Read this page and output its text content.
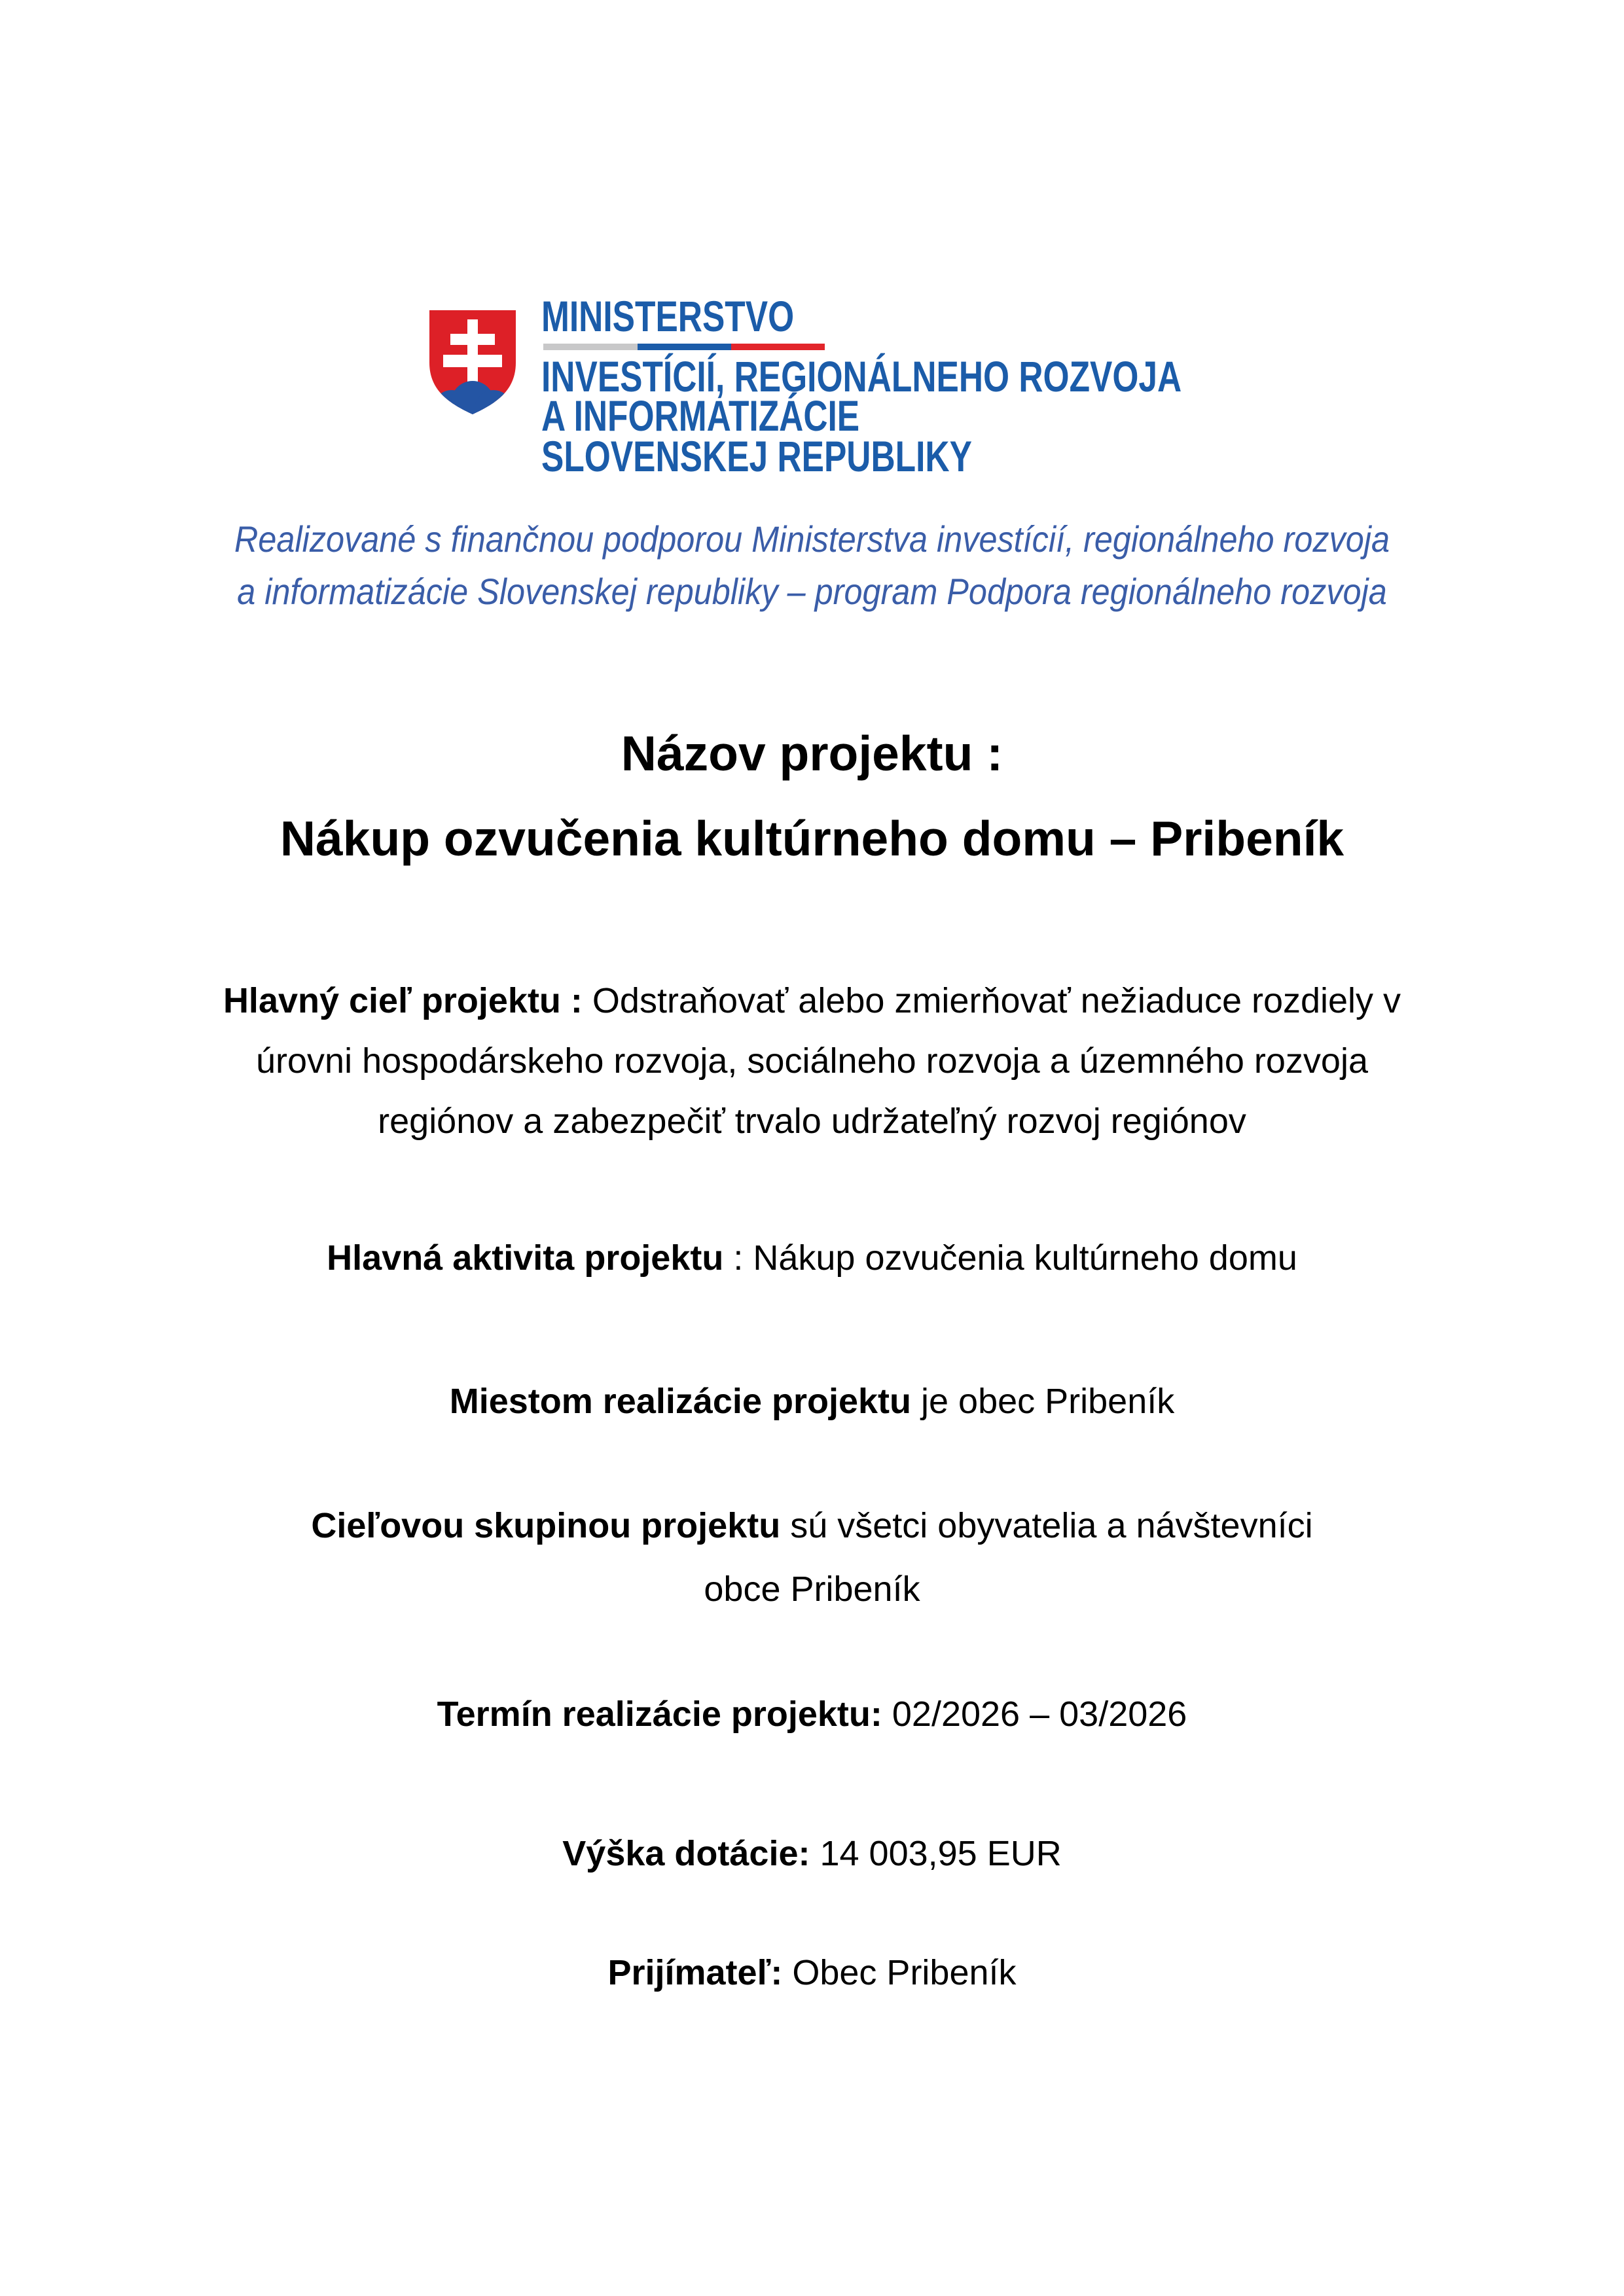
MINISTERSTVO
INVESTÍCIÍ, REGIONÁLNEHO ROZVOJA
A INFORMATIZÁCIE
SLOVENSKEJ REPUBLIKY
Realizované s finančnou podporou Ministerstva investícií, regionálneho rozvoja
a informatizácie Slovenskej republiky – program Podpora regionálneho rozvoja
Názov projektu :
Nákup ozvučenia kultúrneho domu – Pribeník
Hlavný cieľ projektu : Odstraňovať alebo zmierňovať nežiaduce rozdiely v
úrovni hospodárskeho rozvoja, sociálneho rozvoja a územného rozvoja
regiónov a zabezpečiť trvalo udržateľný rozvoj regiónov
Hlavná aktivita projektu : Nákup ozvučenia kultúrneho domu
Miestom realizácie projektu je obec Pribeník
Cieľovou skupinou projektu sú všetci obyvatelia a návštevníci
obce Pribeník
Termín realizácie projektu: 02/2026 – 03/2026
Výška dotácie: 14 003,95 EUR
Prijímateľ: Obec Pribeník
